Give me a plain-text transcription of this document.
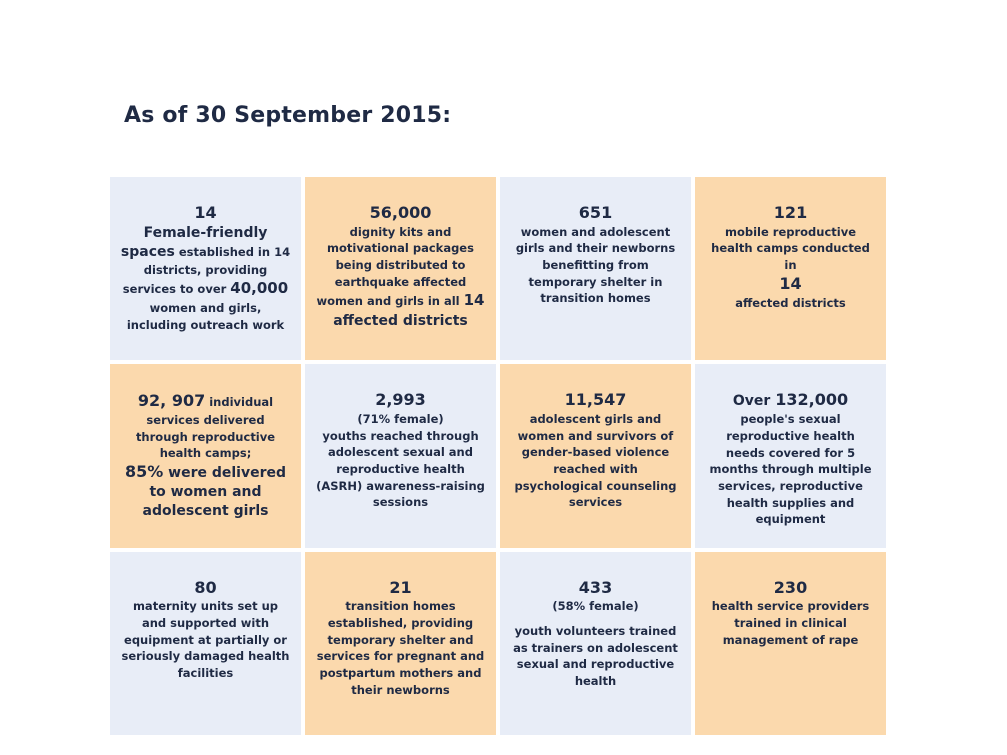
As of 30 September 2015:
14
Female-friendly
spaces established in 14 districts, providing services to over 40,000 women and girls, including outreach work
56,000
dignity kits and motivational packages being distributed to earthquake affected women and girls in all 14
affected districts
651
women and adolescent girls and their newborns benefitting from temporary shelter in transition homes
121
mobile reproductive health camps conducted in
14
affected districts
92, 907 individual services delivered through reproductive health camps;
85% were delivered to women and adolescent girls
2,993
(71% female)
youths reached through adolescent sexual and reproductive health (ASRH) awareness-raising sessions
11,547
adolescent girls and women and survivors of gender-based violence reached with psychological counseling services
Over 132,000
people's sexual reproductive health needs covered for 5 months through multiple services, reproductive health supplies and equipment
80
maternity units set up and supported with equipment at partially or seriously damaged health facilities
21
transition homes established, providing temporary shelter and services for pregnant and postpartum mothers and their newborns
433
(58% female)
youth volunteers trained as trainers on adolescent sexual and reproductive health
230
health service providers trained in clinical management of rape
